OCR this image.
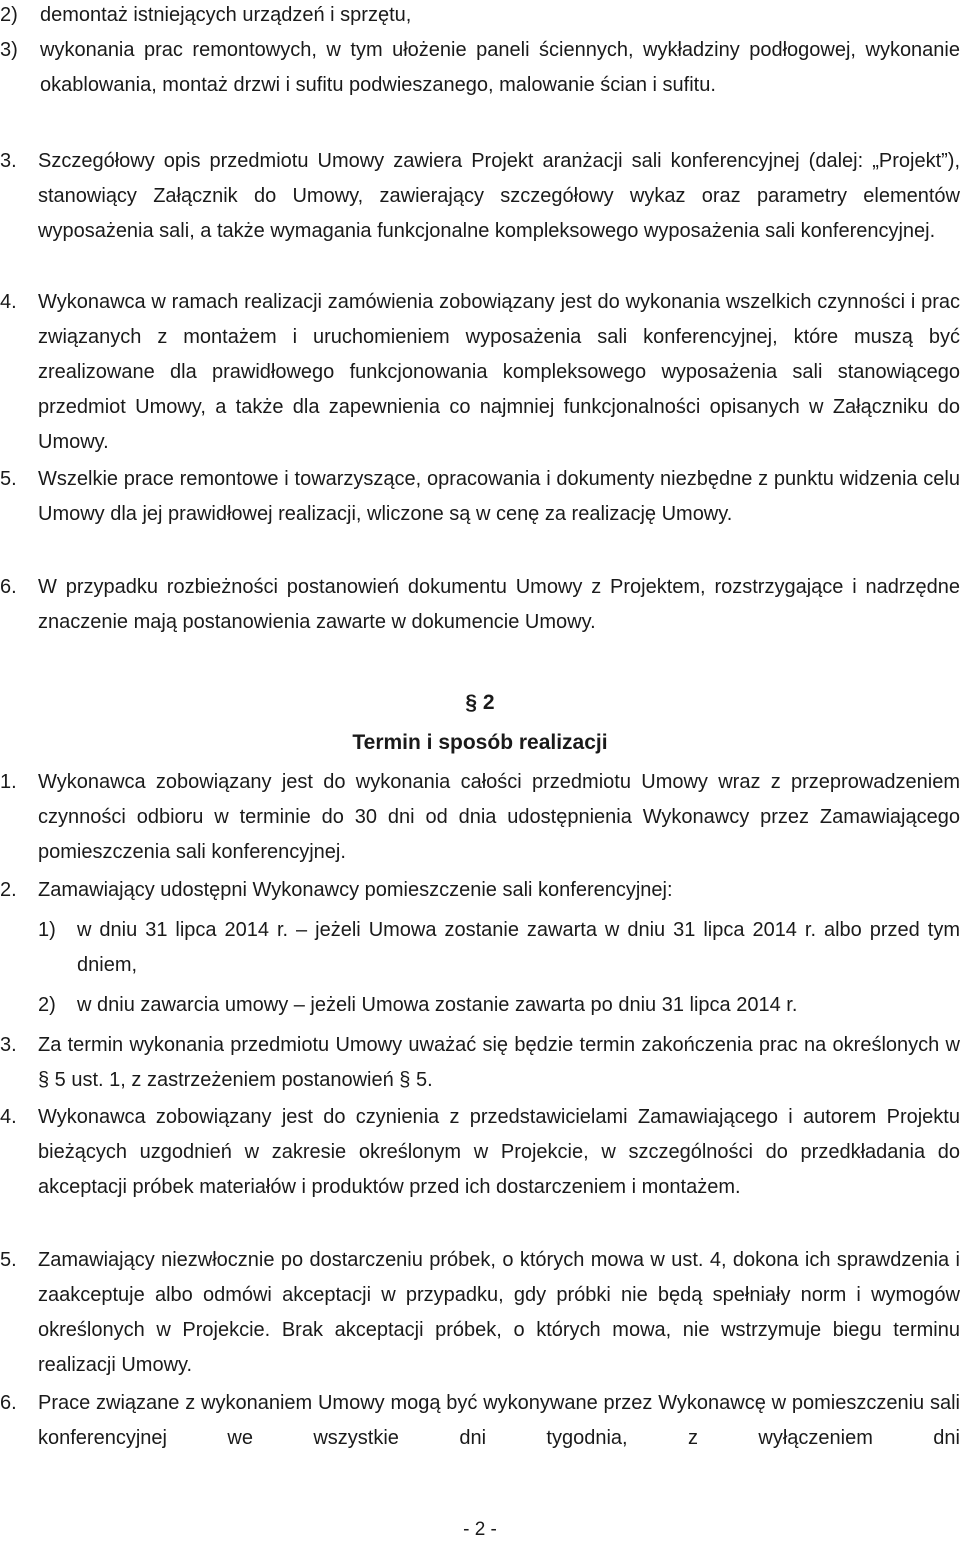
2) demontaż istniejących urządzeń i sprzętu,
3) wykonania prac remontowych, w tym ułożenie paneli ściennych, wykładziny podłogowej, wykonanie okablowania, montaż drzwi i sufitu podwieszanego, malowanie ścian i sufitu.
3. Szczegółowy opis przedmiotu Umowy zawiera Projekt aranżacji sali konferencyjnej (dalej: „Projekt”), stanowiący Załącznik do Umowy, zawierający szczegółowy wykaz oraz parametry elementów wyposażenia sali, a także wymagania funkcjonalne kompleksowego wyposażenia sali konferencyjnej.
4. Wykonawca w ramach realizacji zamówienia zobowiązany jest do wykonania wszelkich czynności i prac związanych z montażem i uruchomieniem wyposażenia sali konferencyjnej, które muszą być zrealizowane dla prawidłowego funkcjonowania kompleksowego wyposażenia sali stanowiącego przedmiot Umowy, a także dla zapewnienia co najmniej funkcjonalności opisanych w Załączniku do Umowy.
5. Wszelkie prace remontowe i towarzyszące, opracowania i dokumenty niezbędne z punktu widzenia celu Umowy dla jej prawidłowej realizacji, wliczone są w cenę za realizację Umowy.
6. W przypadku rozbieżności postanowień dokumentu Umowy z Projektem, rozstrzygające i nadrzędne znaczenie mają postanowienia zawarte w dokumencie Umowy.
§ 2
Termin i sposób realizacji
1. Wykonawca zobowiązany jest do wykonania całości przedmiotu Umowy wraz z przeprowadzeniem czynności odbioru w terminie do 30 dni od dnia udostępnienia Wykonawcy przez Zamawiającego pomieszczenia sali konferencyjnej.
2. Zamawiający udostępni Wykonawcy pomieszczenie sali konferencyjnej:
1) w dniu 31 lipca 2014 r. – jeżeli Umowa zostanie zawarta w dniu 31 lipca 2014 r. albo przed tym dniem,
2) w dniu zawarcia umowy – jeżeli Umowa zostanie zawarta po dniu 31 lipca 2014 r.
3. Za termin wykonania przedmiotu Umowy uważać się będzie termin zakończenia prac na określonych w § 5 ust. 1, z zastrzeżeniem postanowień § 5.
4. Wykonawca zobowiązany jest do czynienia z przedstawicielami Zamawiającego i autorem Projektu bieżących uzgodnień w zakresie określonym w Projekcie, w szczególności do przedkładania do akceptacji próbek materiałów i produktów przed ich dostarczeniem i montażem.
5. Zamawiający niezwłocznie po dostarczeniu próbek, o których mowa w ust. 4, dokona ich sprawdzenia i zaakceptuje albo odmówi akceptacji w przypadku, gdy próbki nie będą spełniały norm i wymogów określonych w Projekcie. Brak akceptacji próbek, o których mowa, nie wstrzymuje biegu terminu realizacji Umowy.
6. Prace związane z wykonaniem Umowy mogą być wykonywane przez Wykonawcę w pomieszczeniu sali konferencyjnej we wszystkie dni tygodnia, z wyłączeniem dni
- 2 -
